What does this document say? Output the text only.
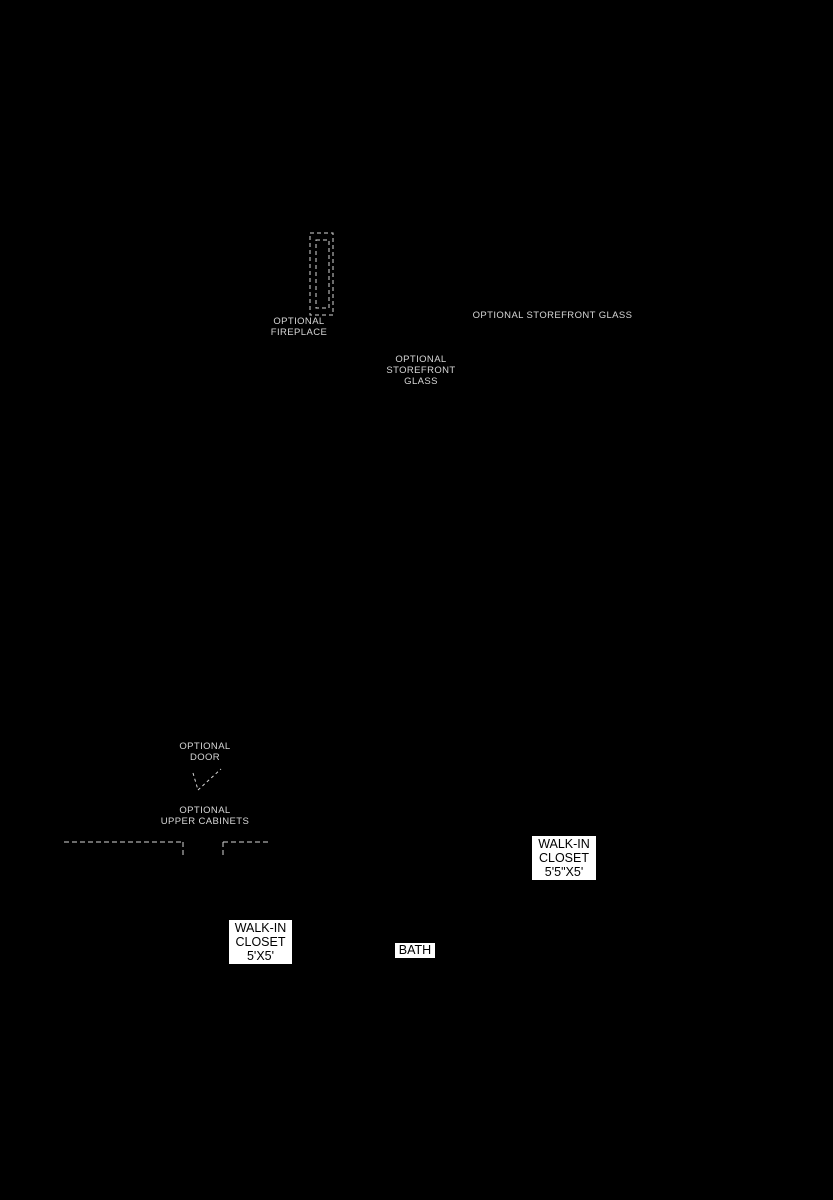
OPTIONAL
FIREPLACE
OPTIONAL STOREFRONT GLASS
OPTIONAL
STOREFRONT
GLASS
OPTIONAL
DOOR
OPTIONAL
UPPER CABINETS
WALK-IN
CLOSET
5'5"X5'
WALK-IN
CLOSET
5'X5'	BATH
